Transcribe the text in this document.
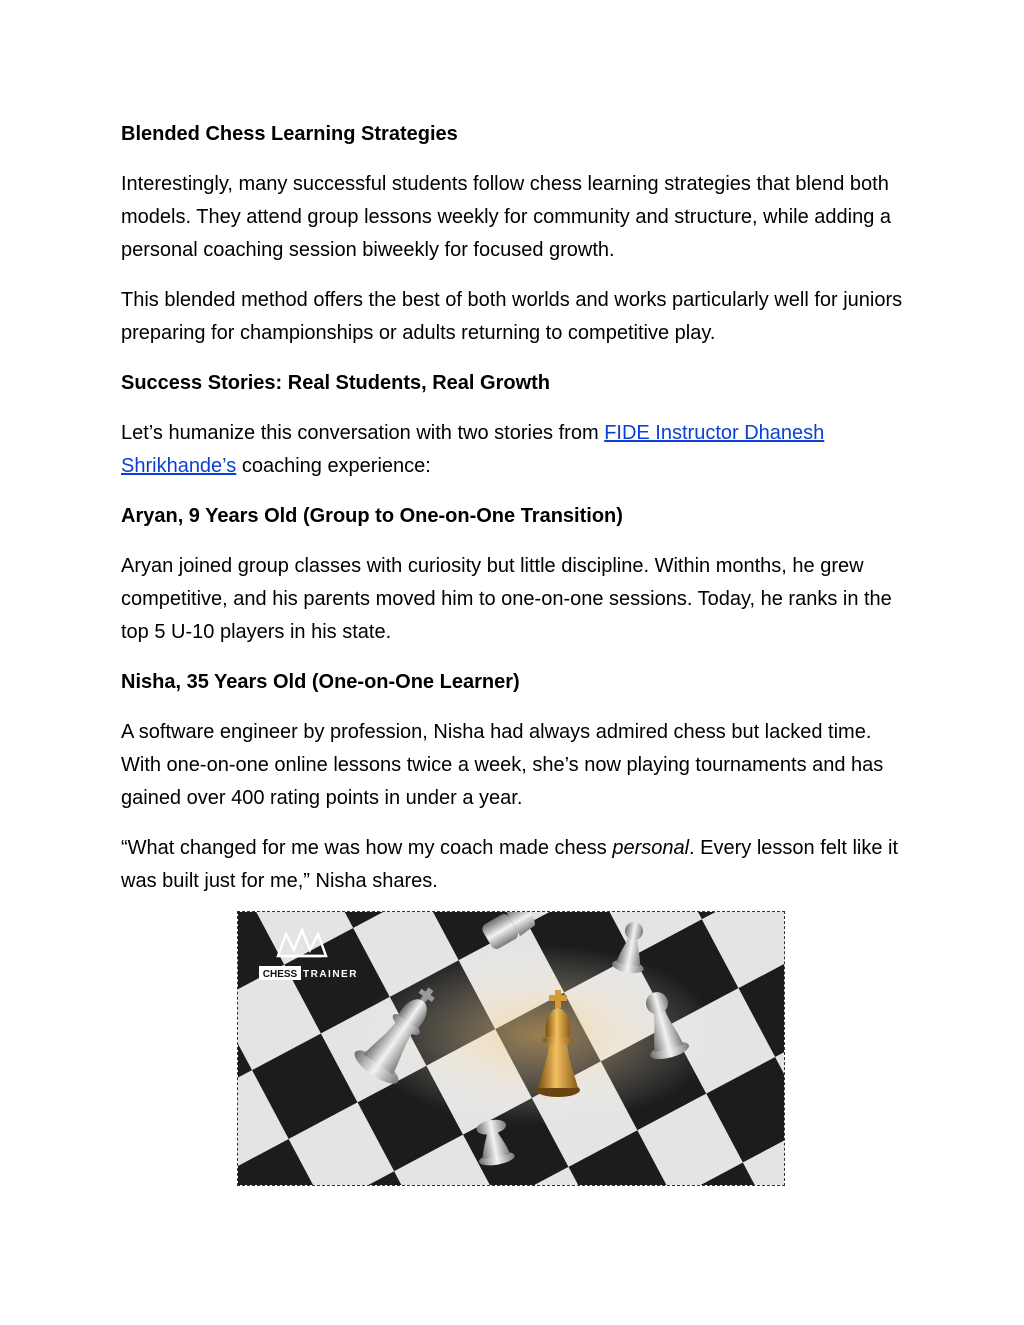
Blended Chess Learning Strategies

Interestingly, many successful students follow chess learning strategies that blend both models. They attend group lessons weekly for community and structure, while adding a personal coaching session biweekly for focused growth.

This blended method offers the best of both worlds and works particularly well for juniors preparing for championships or adults returning to competitive play.

Success Stories: Real Students, Real Growth

Let’s humanize this conversation with two stories from FIDE Instructor Dhanesh Shrikhande’s coaching experience:

Aryan, 9 Years Old (Group to One-on-One Transition)

Aryan joined group classes with curiosity but little discipline. Within months, he grew competitive, and his parents moved him to one-on-one sessions. Today, he ranks in the top 5 U-10 players in his state.

Nisha, 35 Years Old (One-on-One Learner)

A software engineer by profession, Nisha had always admired chess but lacked time. With one-on-one online lessons twice a week, she’s now playing tournaments and has gained over 400 rating points in under a year.

“What changed for me was how my coach made chess personal. Every lesson felt like it was built just for me,” Nisha shares.

CHESS TRAINER
